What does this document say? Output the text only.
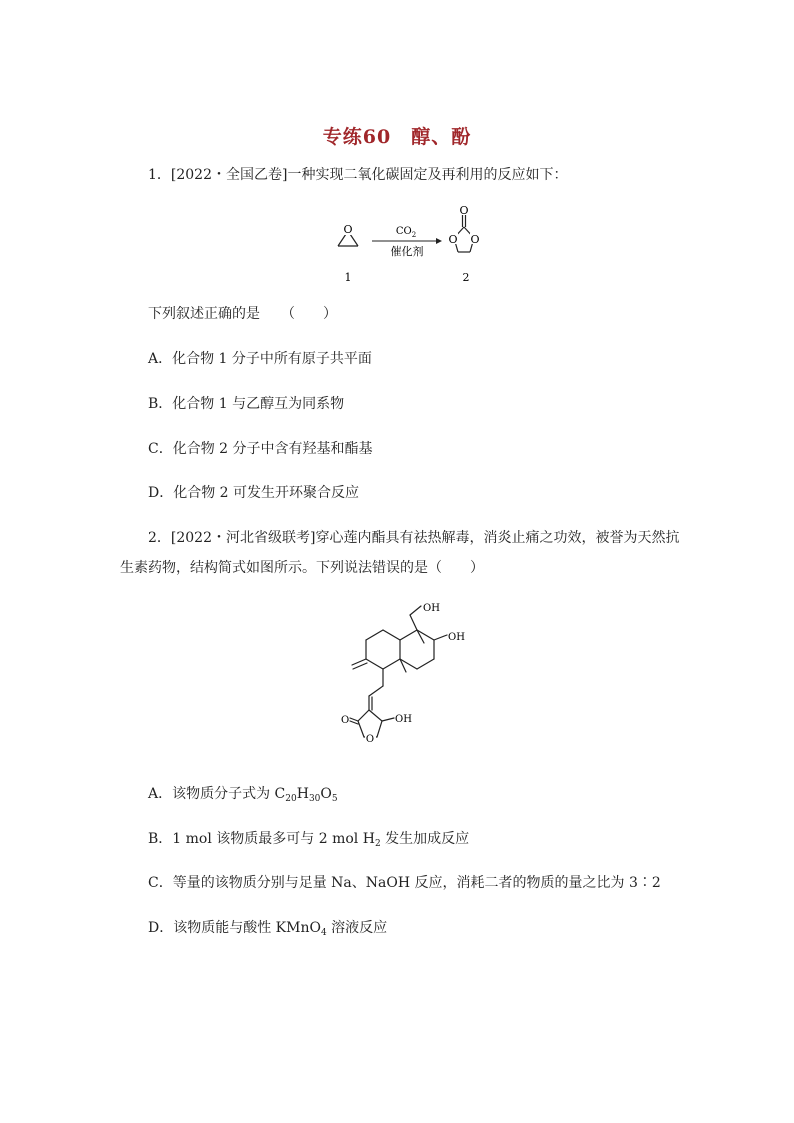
专练60　醇、酚
1．[2022・全国乙卷]一种实现二氧化碳固定及再利用的反应如下：
O	$CO_2$
催化剂
O
O O
1	2
下列叙述正确的是　　（　　）
A．化合物 1 分子中所有原子共平面
B．化合物 1 与乙醇互为同系物
C．化合物 2 分子中含有羟基和酯基
D．化合物 2 可发生开环聚合反应
2．[2022・河北省级联考]穿心莲内酯具有祛热解毒，消炎止痛之功效，被誉为天然抗
生素药物，结构简式如图所示。下列说法错误的是（　　）
OH
OH
OH
O
O
A．该物质分子式为 $C_{20}H_{30}O_5$
B．1 mol 该物质最多可与 2 mol $H_2$ 发生加成反应
C．等量的该物质分别与足量 Na、NaOH 反应，消耗二者的物质的量之比为 3∶2
D．该物质能与酸性 KMnO$_4$ 溶液反应
